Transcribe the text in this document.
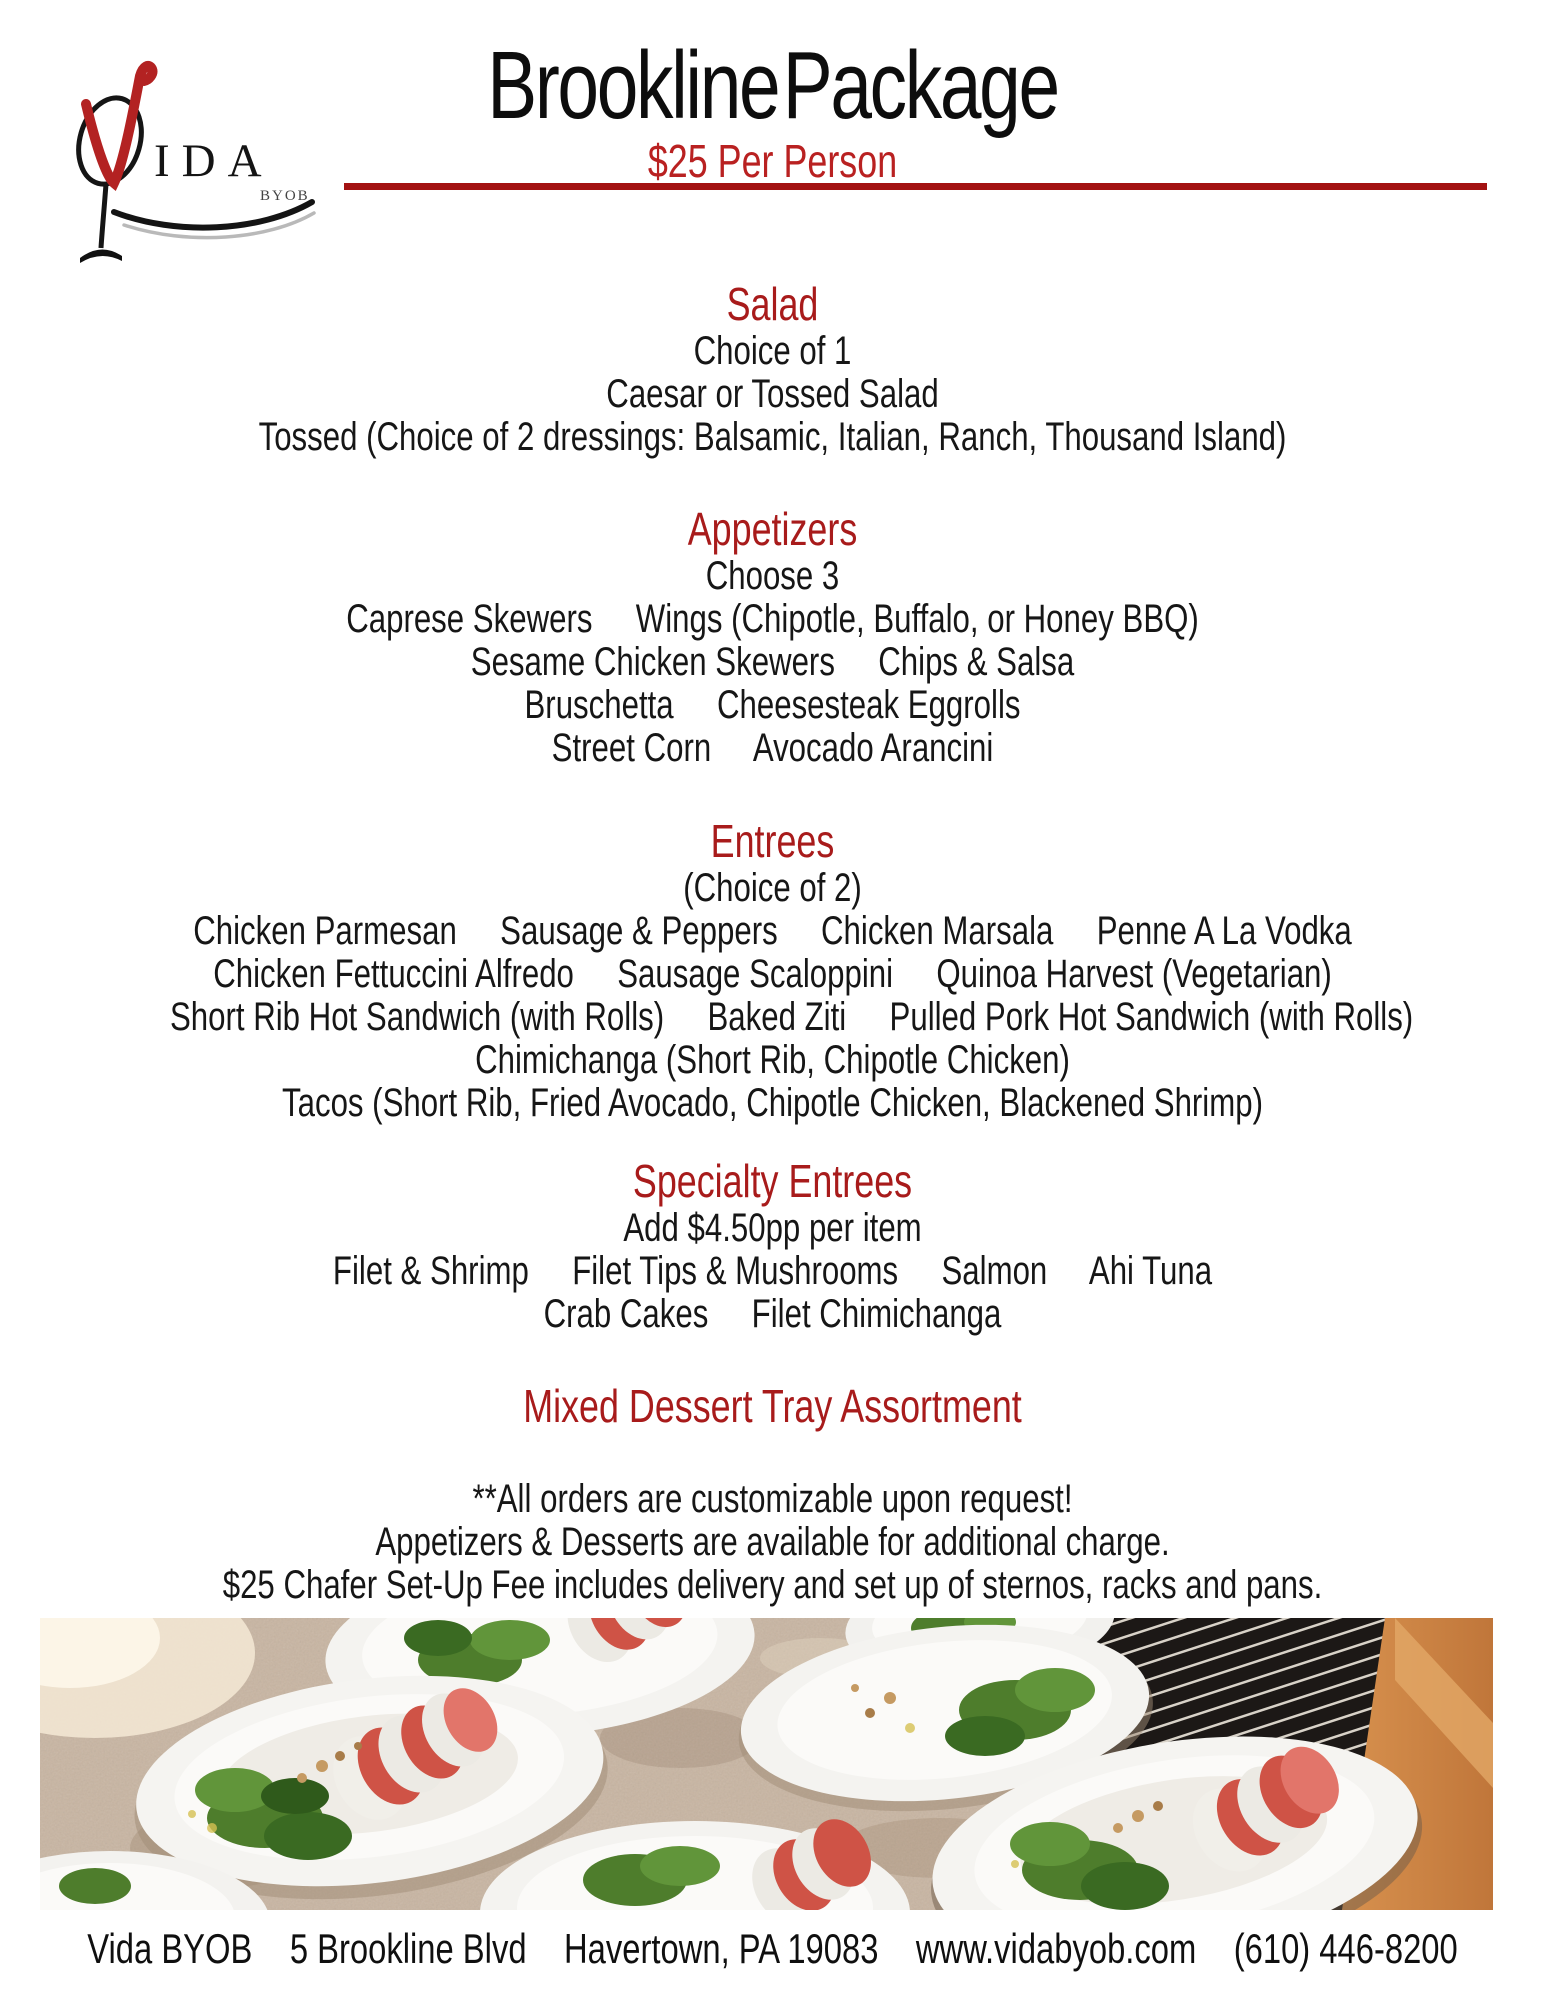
IDA
BYOB
Brookline Package
$25 Per Person
Salad
Choice of 1
Caesar or Tossed Salad
Tossed (Choice of 2 dressings: Balsamic, Italian, Ranch, Thousand Island)
Appetizers
Choose 3
Caprese Skewers     Wings (Chipotle, Buffalo, or Honey BBQ)
Sesame Chicken Skewers     Chips & Salsa
Bruschetta     Cheesesteak Eggrolls
Street Corn     Avocado Arancini
Entrees
(Choice of 2)
Chicken Parmesan     Sausage & Peppers     Chicken Marsala     Penne A La Vodka
Chicken Fettuccini Alfredo     Sausage Scaloppini     Quinoa Harvest (Vegetarian)
Short Rib Hot Sandwich (with Rolls)     Baked Ziti     Pulled Pork Hot Sandwich (with Rolls)
Chimichanga (Short Rib, Chipotle Chicken)
Tacos (Short Rib, Fried Avocado, Chipotle Chicken, Blackened Shrimp)
Specialty Entrees
Add $4.50pp per item
Filet & Shrimp     Filet Tips & Mushrooms     Salmon     Ahi Tuna
Crab Cakes     Filet Chimichanga
Mixed Dessert Tray Assortment
**All orders are customizable upon request!
Appetizers & Desserts are available for additional charge.
$25 Chafer Set-Up Fee includes delivery and set up of sternos, racks and pans.
Vida BYOB 5 Brookline Blvd Havertown, PA 19083 www.vidabyob.com (610) 446-8200
